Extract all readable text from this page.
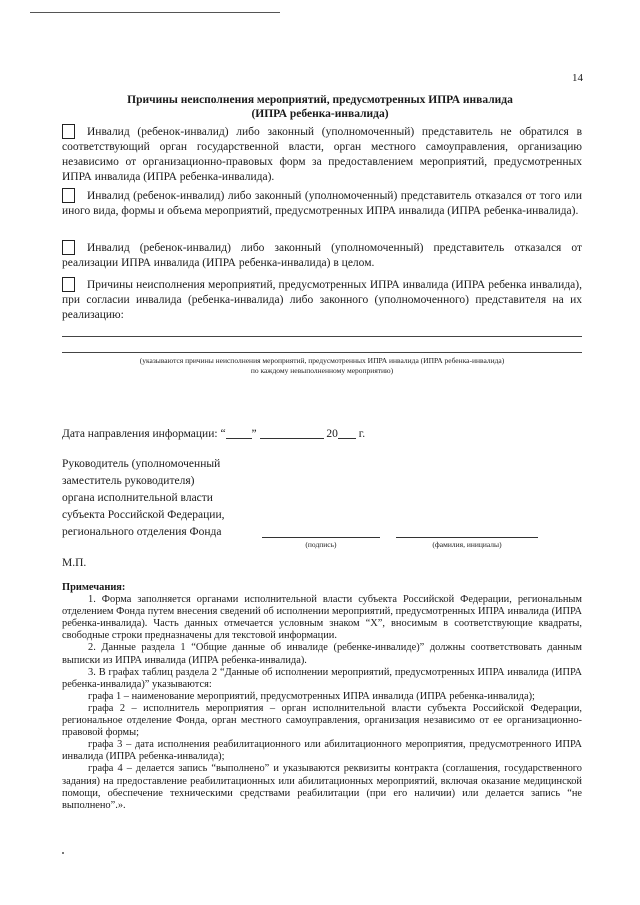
14
Причины неисполнения мероприятий, предусмотренных ИПРА инвалида
(ИПРА ребенка-инвалида)

Инвалид (ребенок-инвалид) либо законный (уполномоченный) представитель не обратился в соответствующий орган государственной власти, орган местного самоуправления, организацию независимо от организационно-правовых форм за предоставлением мероприятий, предусмотренных ИПРА инвалида (ИПРА ребенка-инвалида).

Инвалид (ребенок-инвалид) либо законный (уполномоченный) представитель отказался от того или иного вида, формы и объема мероприятий, предусмотренных ИПРА инвалида (ИПРА ребенка-инвалида).

Инвалид (ребенок-инвалид) либо законный (уполномоченный) представитель отказался от реализации ИПРА инвалида (ИПРА ребенка-инвалида) в целом.

Причины неисполнения мероприятий, предусмотренных ИПРА инвалида (ИПРА ребенка инвалида), при согласии инвалида (ребенка-инвалида) либо законного (уполномоченного) представителя на их реализацию:

(указываются причины неисполнения мероприятий, предусмотренных ИПРА инвалида (ИПРА ребенка-инвалида)
по каждому невыполненному мероприятию)
Дата направления информации: “ ”	20 г.

Руководитель (уполномоченный

заместитель руководителя)

органа исполнительной власти

субъекта Российской Федерации,

регионального отделения Фонда

(подпись)	(фамилия, инициалы)
М.П.

Примечания:

1. Форма заполняется органами исполнительной власти субъекта Российской Федерации, региональным отделением Фонда путем внесения сведений об исполнении мероприятий, предусмотренных ИПРА инвалида (ИПРА ребенка-инвалида). Часть данных отмечается условным знаком “X”, вносимым в соответствующие квадраты, свободные строки предназначены для текстовой информации.

2. Данные раздела 1 “Общие данные об инвалиде (ребенке-инвалиде)” должны соответствовать данным выписки из ИПРА инвалида (ИПРА ребенка-инвалида).

3. В графах таблиц раздела 2 “Данные об исполнении мероприятий, предусмотренных ИПРА инвалида (ИПРА ребенка-инвалида)” указываются:

графа 1 – наименование мероприятий, предусмотренных ИПРА инвалида (ИПРА ребенка-инвалида);

графа 2 – исполнитель мероприятия – орган исполнительной власти субъекта Российской Федерации, региональное отделение Фонда, орган местного самоуправления, организация независимо от ее организационно-правовой формы;

графа 3 – дата исполнения реабилитационного или абилитационного мероприятия, предусмотренного ИПРА инвалида (ИПРА ребенка-инвалида);

графа 4 – делается запись “выполнено” и указываются реквизиты контракта (соглашения, государственного задания) на предоставление реабилитационных или абилитационных мероприятий, включая оказание медицинской помощи, обеспечение техническими средствами реабилитации (при его наличии) или делается запись “не выполнено”.».
